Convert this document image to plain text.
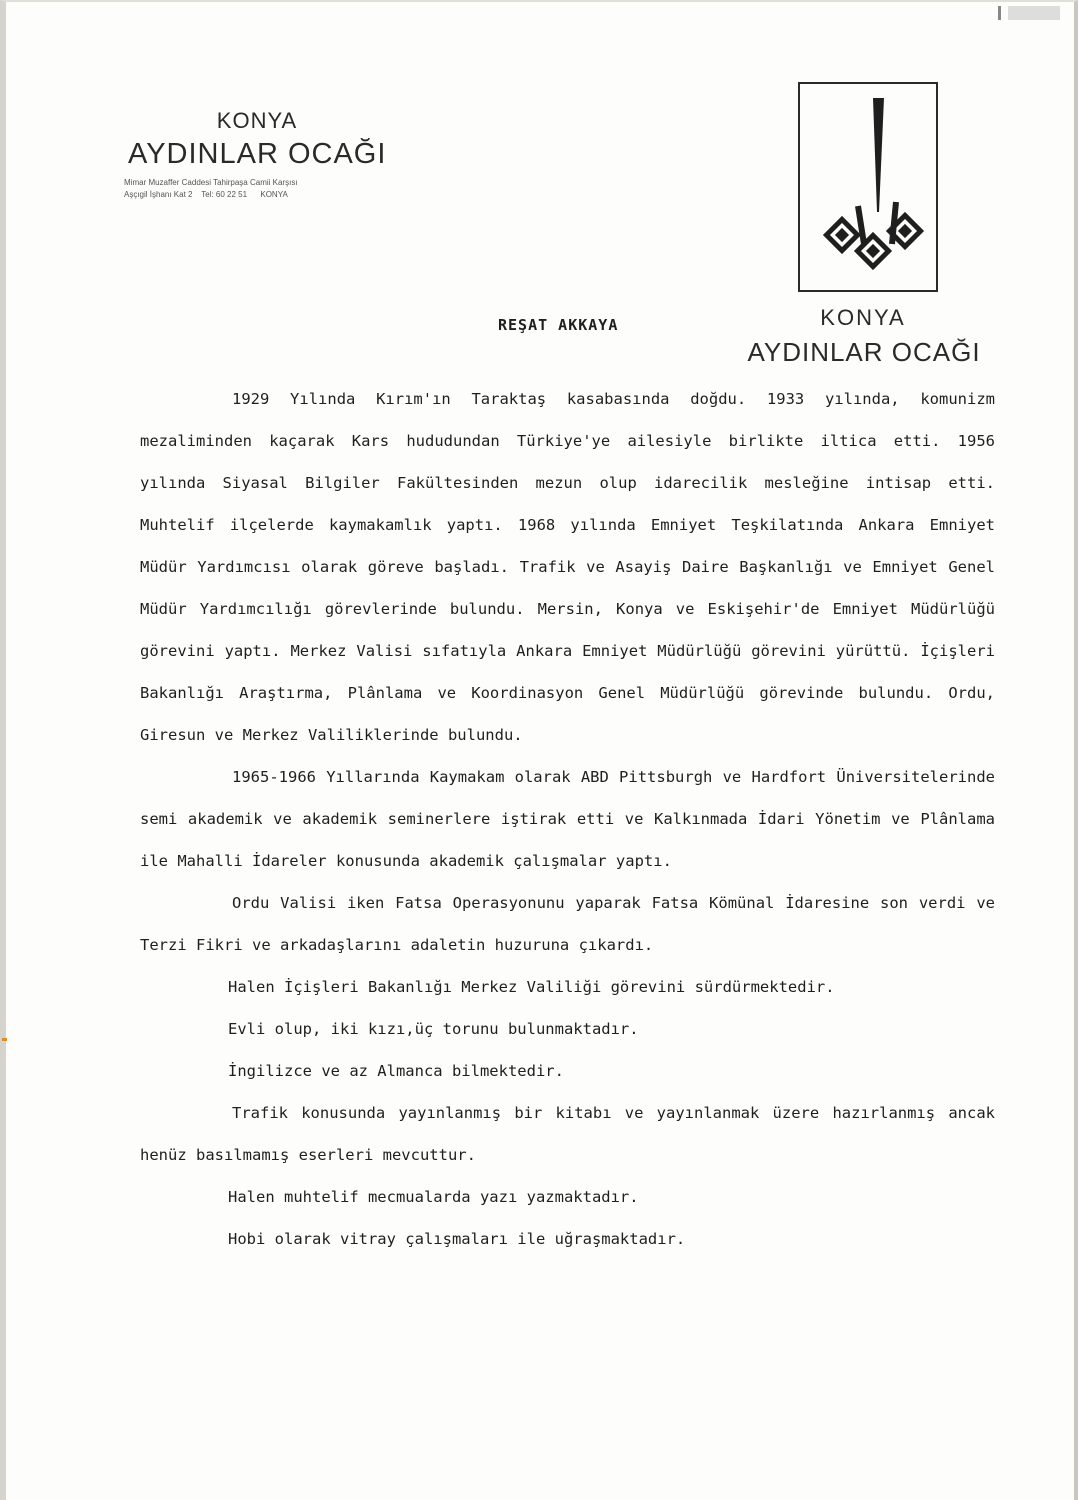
KONYA
AYDINLAR OCAĞI
Mimar Muzaffer Caddesi Tahirpaşa Camii Karşısı
Aşçıgil İşhanı Kat 2    Tel: 60 22 51      KONYA
KONYA
AYDINLAR OCAĞI
REŞAT AKKAYA

1929 Yılında Kırım'ın Taraktaş kasabasında doğdu. 1933 yılında, komunizm mezaliminden kaçarak Kars hududundan Türkiye'ye ailesiyle birlikte iltica etti. 1956 yılında Siyasal Bilgiler Fakültesinden mezun olup idarecilik mesleğine intisap etti. Muhtelif ilçelerde kaymakamlık yaptı. 1968 yılında Emniyet Teşkilatında Ankara Emniyet Müdür Yardımcısı olarak göreve başladı. Trafik ve Asayiş Daire Başkanlığı ve Emniyet Genel Müdür Yardımcılığı görevlerinde bulundu. Mersin, Konya ve Eskişehir'de Emniyet Müdürlüğü görevini yaptı. Merkez Valisi sıfatıyla Ankara Emniyet Müdürlüğü görevini yürüttü. İçişleri Bakanlığı Araştırma, Plânlama ve Koordinasyon Genel Müdürlüğü görevinde bulundu. Ordu, Giresun ve Merkez Valiliklerinde bulundu.

1965-1966 Yıllarında Kaymakam olarak ABD Pittsburgh ve Hardfort Üniversitelerinde semi akademik ve akademik seminerlere iştirak etti ve Kalkınmada İdari Yönetim ve Plânlama ile Mahalli İdareler konusunda akademik çalışmalar yaptı.

Ordu Valisi iken Fatsa Operasyonunu yaparak Fatsa Kömünal İdaresine son verdi ve Terzi Fikri ve arkadaşlarını adaletin huzuruna çıkardı.

Halen İçişleri Bakanlığı Merkez Valiliği görevini sürdürmektedir.

Evli olup, iki kızı,üç torunu bulunmaktadır.

İngilizce ve az Almanca bilmektedir.

Trafik konusunda yayınlanmış bir kitabı ve yayınlanmak üzere hazırlanmış ancak henüz basılmamış eserleri mevcuttur.

Halen muhtelif mecmualarda yazı yazmaktadır.

Hobi olarak vitray çalışmaları ile uğraşmaktadır.
